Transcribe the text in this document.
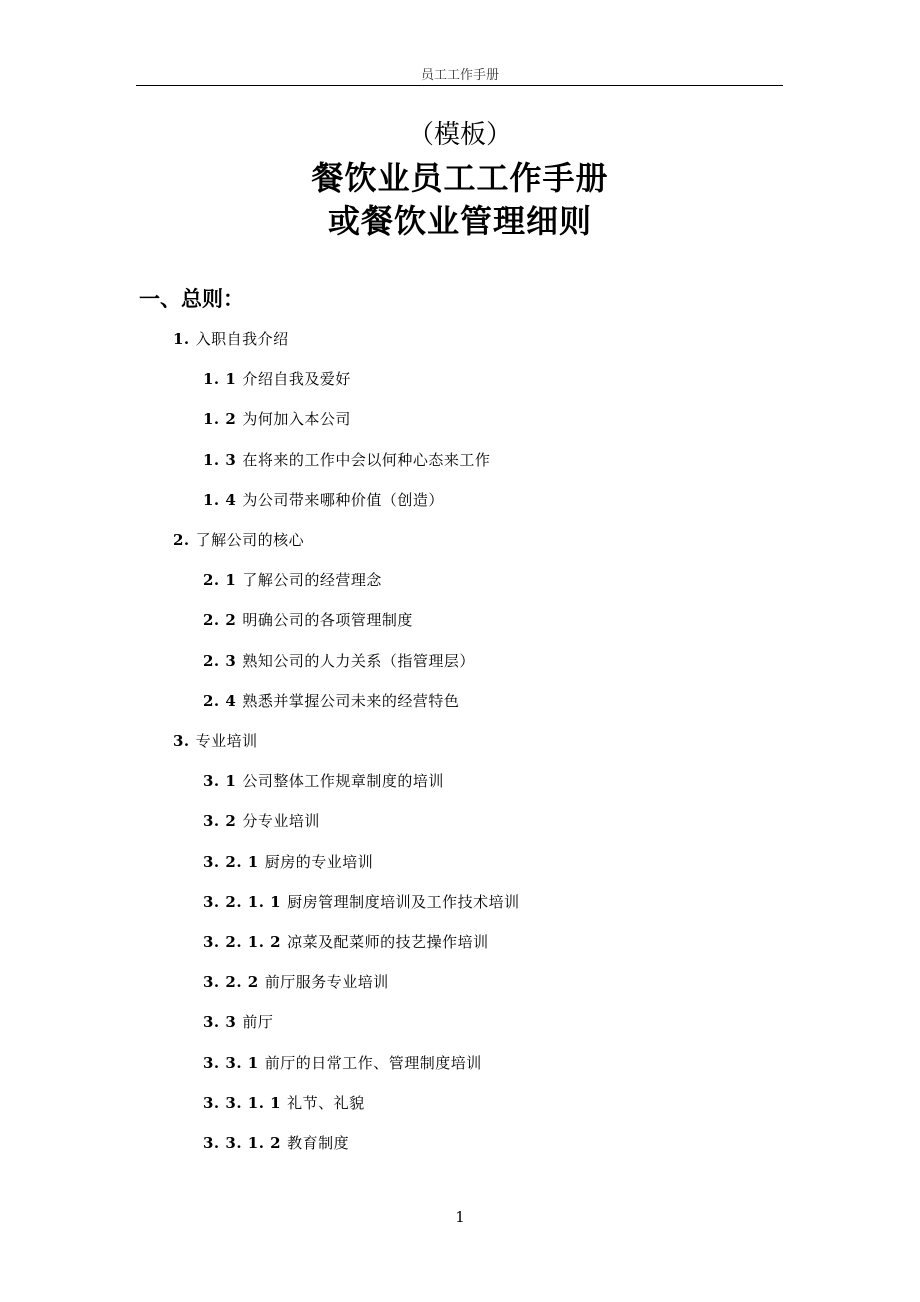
员工工作手册
（模板）
餐饮业员工工作手册
或餐饮业管理细则
一、总则：
1. 入职自我介绍
1. 1 介绍自我及爱好
1. 2 为何加入本公司
1. 3 在将来的工作中会以何种心态来工作
1. 4 为公司带来哪种价值（创造）
2. 了解公司的核心
2. 1 了解公司的经营理念
2. 2 明确公司的各项管理制度
2. 3 熟知公司的人力关系（指管理层）
2. 4 熟悉并掌握公司未来的经营特色
3. 专业培训
3. 1 公司整体工作规章制度的培训
3. 2 分专业培训
3. 2. 1 厨房的专业培训
3. 2. 1. 1 厨房管理制度培训及工作技术培训
3. 2. 1. 2 凉菜及配菜师的技艺操作培训
3. 2. 2 前厅服务专业培训
3. 3 前厅
3. 3. 1 前厅的日常工作、管理制度培训
3. 3. 1. 1 礼节、礼貌
3. 3. 1. 2 教育制度
1
